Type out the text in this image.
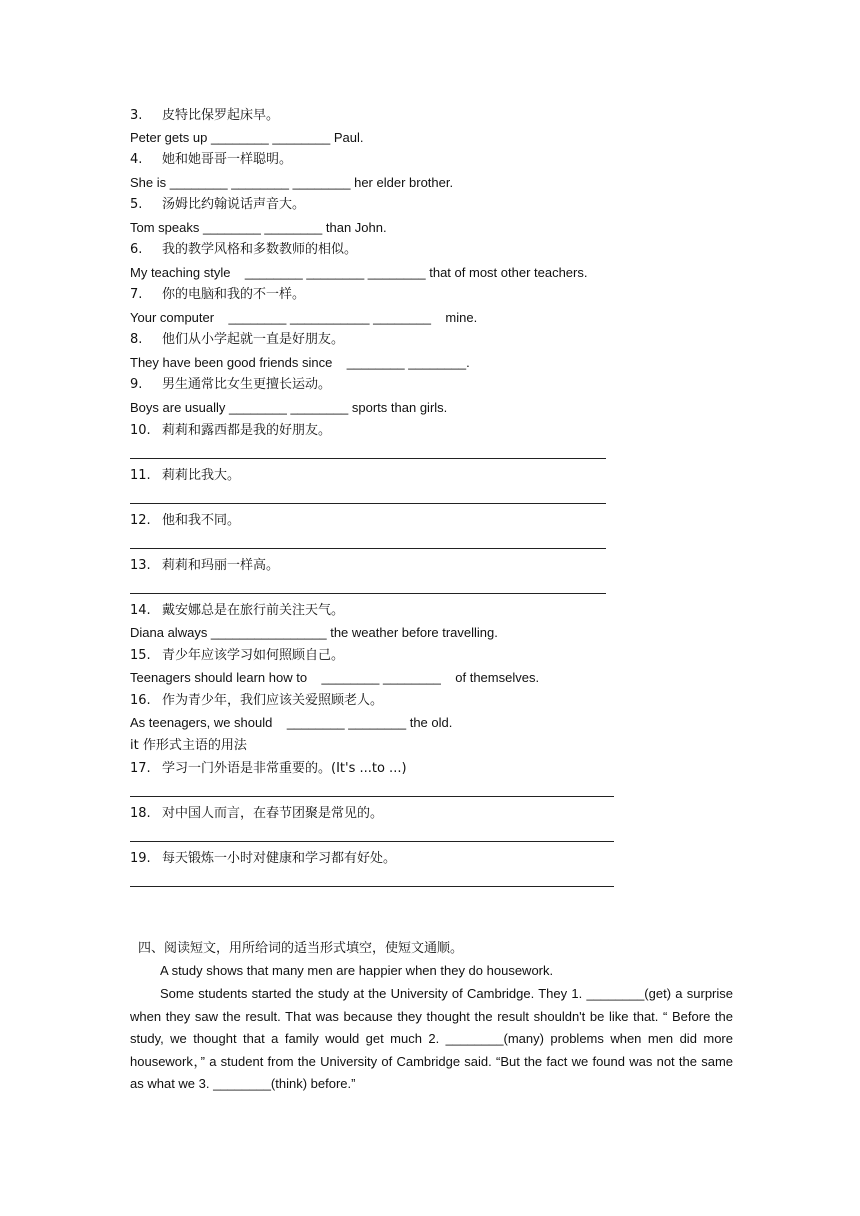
3. 皮特比保罗起床早。
Peter gets up ________ ________ Paul.
4. 她和她哥哥一样聪明。
She is ________ ________ ________ her elder brother.
5. 汤姆比约翰说话声音大。
Tom speaks ________ ________ than John.
6. 我的教学风格和多数教师的相似。
My teaching style    ________ ________ ________ that of most other teachers.
7. 你的电脑和我的不一样。
Your computer    ________ ___________ ________    mine.
8. 他们从小学起就一直是好朋友。
They have been good friends since    ________ ________.
9. 男生通常比女生更擅长运动。
Boys are usually ________ ________ sports than girls.
10. 莉莉和露西都是我的好朋友。
11. 莉莉比我大。
12. 他和我不同。
13. 莉莉和玛丽一样高。
14. 戴安娜总是在旅行前关注天气。
Diana always ________________ the weather before travelling.
15. 青少年应该学习如何照顾自己。
Teenagers should learn how to    ________ ________    of themselves.
16. 作为青少年，我们应该关爱照顾老人。
As teenagers, we should    ________ ________ the old.
it 作形式主语的用法
17. 学习一门外语是非常重要的。(It's ...to ...)
18. 对中国人而言，在春节团聚是常见的。
19. 每天锻炼一小时对健康和学习都有好处。
四、阅读短文，用所给词的适当形式填空，使短文通顺。
A study shows that many men are happier when they do housework.
Some students started the study at the University of Cambridge. They 1. ________(get) a surprise when they saw the result. That was because they thought the result shouldn't be like that. “ Before the study, we thought that a family would get much 2. ________(many) problems when men did more housework，” a student from the University of Cambridge said. “But the fact we found was not the same as what we 3. ________(think) before.”
